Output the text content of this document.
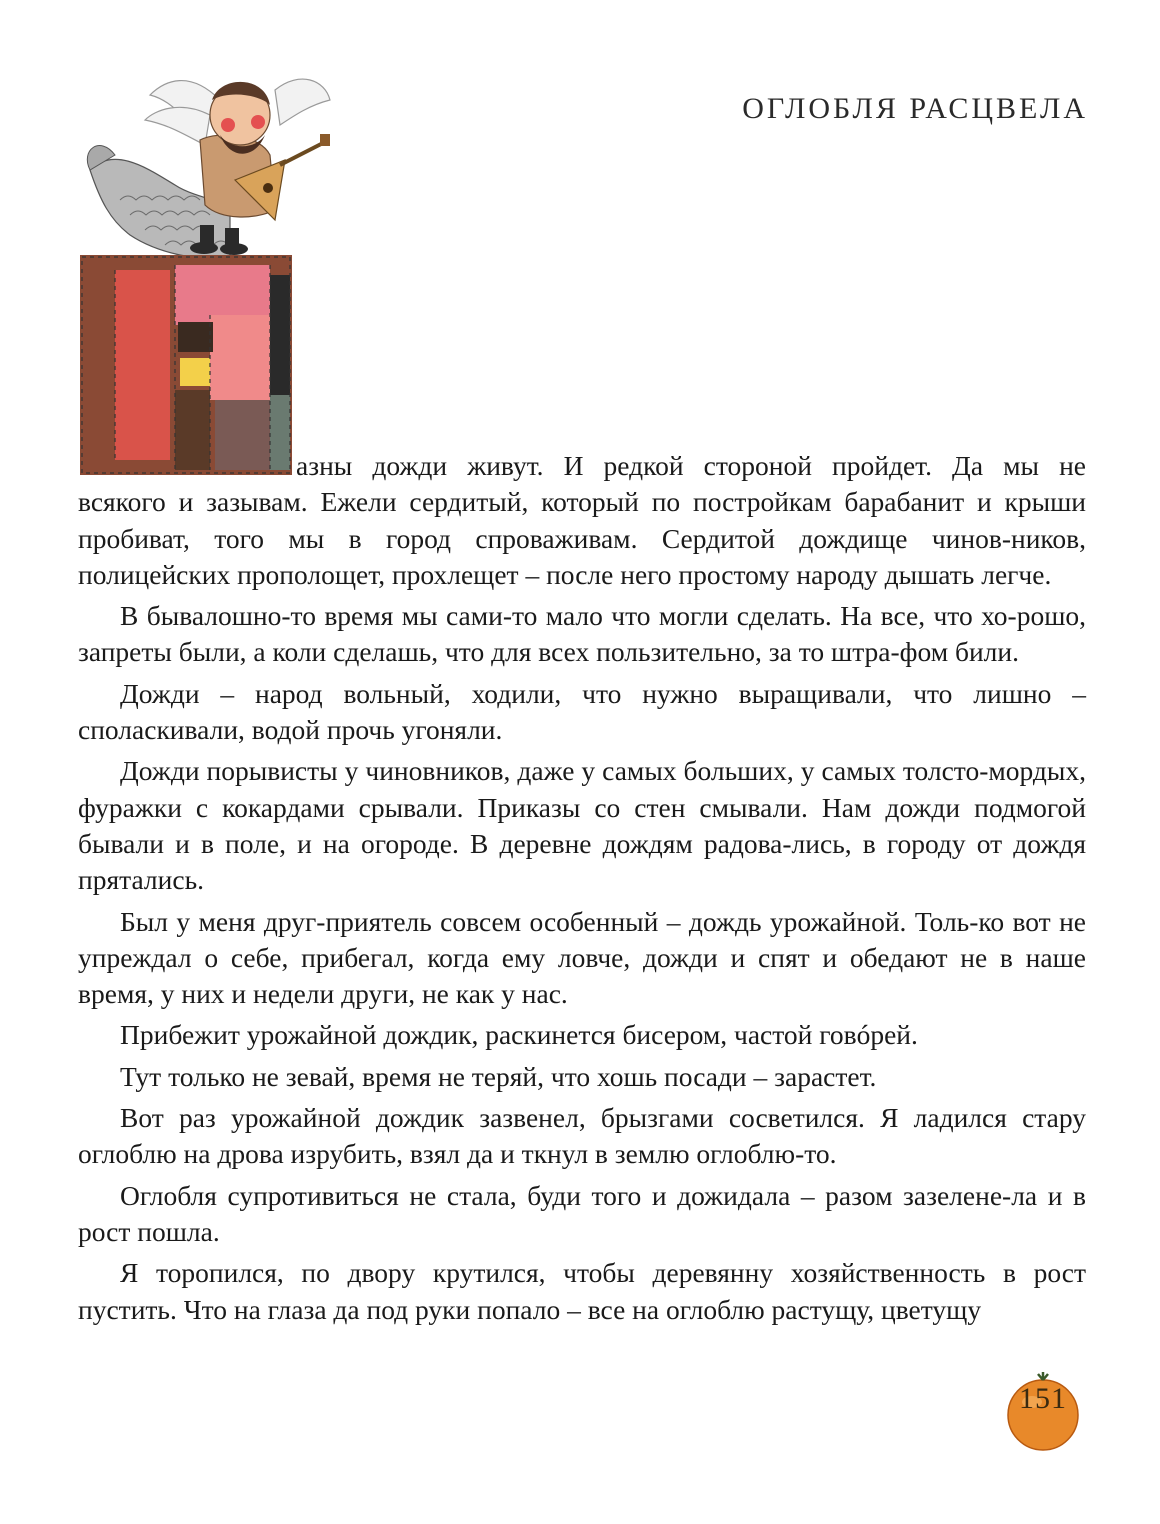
ОГЛОБЛЯ РАСЦВЕЛА

азны дожди живут. И редкой стороной пройдет. Да мы не
всякого и зазывам. Ежели сердитый, который по постройкам барабанит и крыши пробиват, того мы в город спроваживам. Сердитой дождище чинов-ников, полицейских прополощет, прохлещет – после него простому народу дышать легче.

В бывалошно-то время мы сами-то мало что могли сделать. На все, что хо-рошо, запреты были, а коли сделашь, что для всех пользительно, за то штра-фом били.

Дожди – народ вольный, ходили, что нужно выращивали, что лишно – споласкивали, водой прочь угоняли.

Дожди порывисты у чиновников, даже у самых больших, у самых толсто-мордых, фуражки с кокардами срывали. Приказы со стен смывали. Нам дожди подмогой бывали и в поле, и на огороде. В деревне дождям радова-лись, в городу от дождя прятались.

Был у меня друг-приятель совсем особенный – дождь урожайной. Толь-ко вот не упреждал о себе, прибегал, когда ему ловче, дожди и спят и обедают не в наше время, у них и недели други, не как у нас.

Прибежит урожайной дождик, раскинется бисером, частой говóрей.

Тут только не зевай, время не теряй, что хошь посади – зарастет.

Вот раз урожайной дождик зазвенел, брызгами сосветился. Я ладился стару оглоблю на дрова изрубить, взял да и ткнул в землю оглоблю-то.

Оглобля супротивиться не стала, буди того и дожидала – разом зазелене-ла и в рост пошла.

Я торопился, по двору крутился, чтобы деревянну хозяйственность в рост пустить. Что на глаза да под руки попало – все на оглоблю растущу, цветущу

151
